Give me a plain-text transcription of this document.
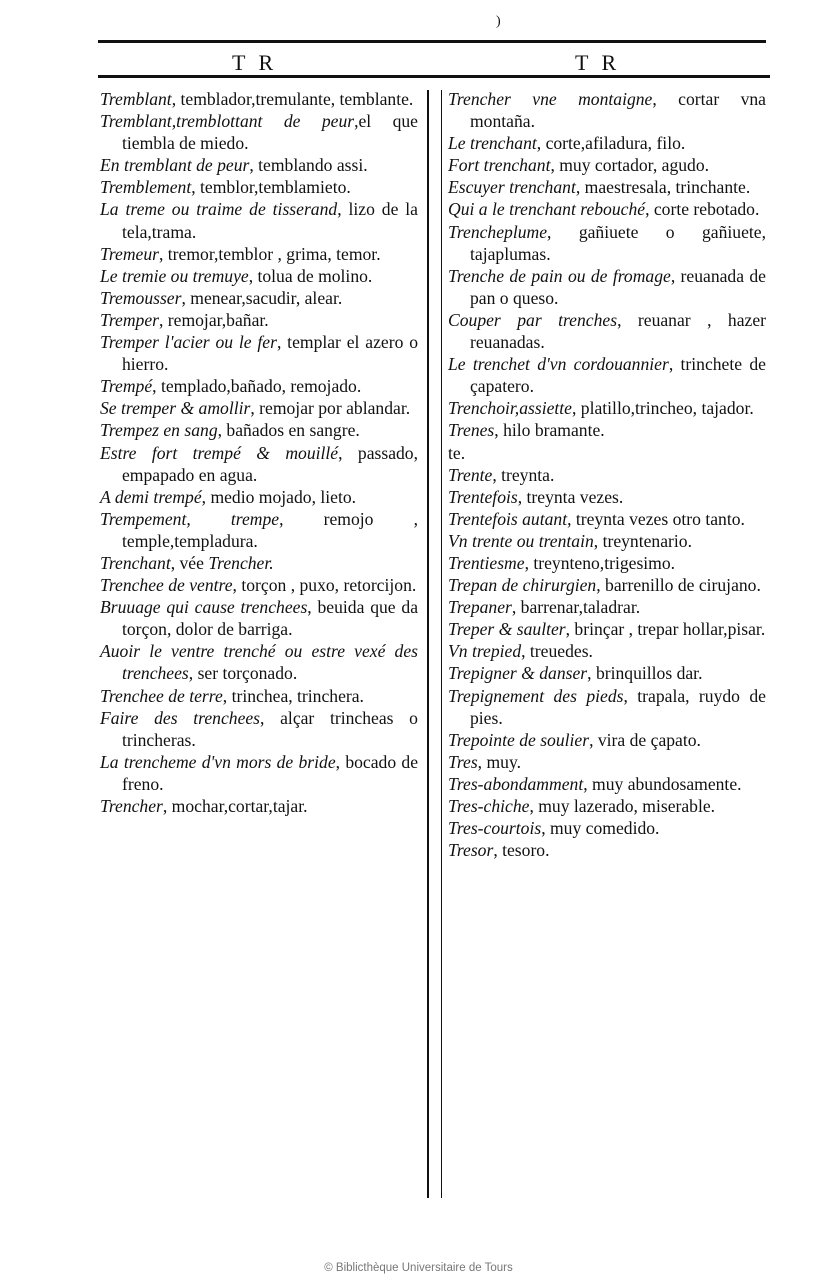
)
T R	T R

Tremblant, temblador,tremulante, temblante.

Tremblant,tremblottant de peur,el que tiembla de miedo.

En tremblant de peur, temblando assi.

Tremblement, temblor,temblamieto.

La treme ou traime de tisserand, lizo de la tela,trama.

Tremeur, tremor,temblor , grima, temor.

Le tremie ou tremuye, tolua de molino.

Tremousser, menear,sacudir, alear.

Tremper, remojar,bañar.

Tremper l'acier ou le fer, templar el azero o hierro.

Trempé, templado,bañado, remojado.

Se tremper & amollir, remojar por ablandar.

Trempez en sang, bañados en sangre.

Estre fort trempé & mouillé, passado, empapado en agua.

A demi trempé, medio mojado, lieto.

Trempement, trempe, remojo , temple,templadura.

Trenchant, vée Trencher.

Trenchee de ventre, torçon , puxo, retorcijon.

Bruuage qui cause trenchees, beuida que da torçon, dolor de barriga.

Auoir le ventre trenché ou estre vexé des trenchees, ser torçonado.

Trenchee de terre, trinchea, trinchera.

Faire des trenchees, alçar trincheas o trincheras.

La trencheme d'vn mors de bride, bocado de freno.

Trencher, mochar,cortar,tajar.

Trencher vne montaigne, cortar vna montaña.

Le trenchant, corte,afiladura, filo.

Fort trenchant, muy cortador, agudo.

Escuyer trenchant, maestresala, trinchante.

Qui a le trenchant rebouché, corte rebotado.

Trencheplume, gañiuete o gañiuete, tajaplumas.

Trenche de pain ou de fromage, reuanada de pan o queso.

Couper par trenches, reuanar , hazer reuanadas.

Le trenchet d'vn cordouannier, trinchete de çapatero.

Trenchoir,assiette, platillo,trincheo, tajador.

Trenes, hilo bramante.

te.

Trente, treynta.

Trentefois, treynta vezes.

Trentefois autant, treynta vezes otro tanto.

Vn trente ou trentain, treyntenario.

Trentiesme, treynteno,trigesimo.

Trepan de chirurgien, barrenillo de cirujano.

Trepaner, barrenar,taladrar.

Treper & saulter, brinçar , trepar hollar,pisar.

Vn trepied, treuedes.

Trepigner & danser, brinquillos dar.

Trepignement des pieds, trapala, ruydo de pies.

Trepointe de soulier, vira de çapato.

Tres, muy.

Tres-abondamment, muy abundosamente.

Tres-chiche, muy lazerado, miserable.

Tres-courtois, muy comedido.

Tresor, tesoro.

© Biblicthèque Universitaire de Tours
